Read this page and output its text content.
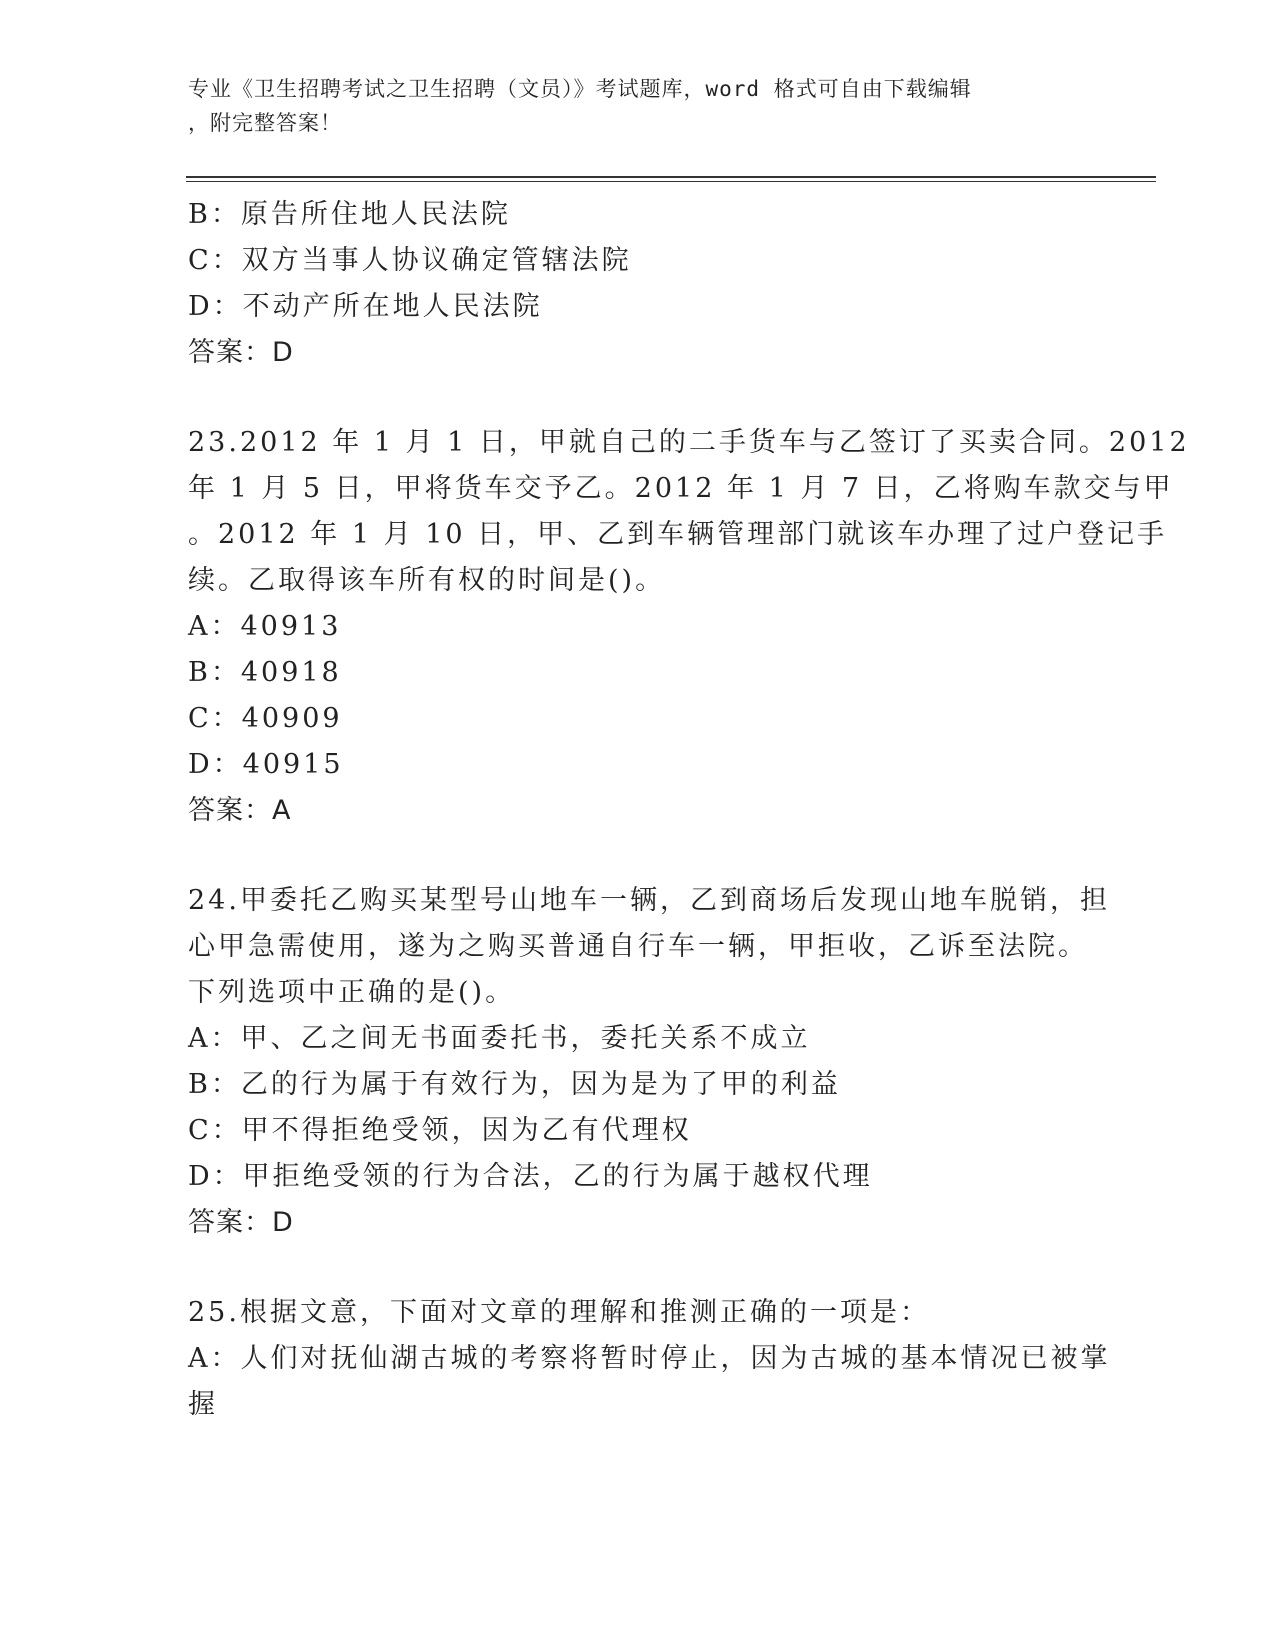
专业《卫生招聘考试之卫生招聘（文员）》考试题库，word 格式可自由下载编辑
，附完整答案！
B：原告所住地人民法院
C：双方当事人协议确定管辖法院
D：不动产所在地人民法院
答案：D
23.2012 年 1 月 1 日，甲就自己的二手货车与乙签订了买卖合同。2012
年 1 月 5 日，甲将货车交予乙。2012 年 1 月 7 日，乙将购车款交与甲
。2012 年 1 月 10 日，甲、乙到车辆管理部门就该车办理了过户登记手
续。乙取得该车所有权的时间是()。
A：40913
B：40918
C：40909
D：40915
答案：A
24.甲委托乙购买某型号山地车一辆，乙到商场后发现山地车脱销，担
心甲急需使用，遂为之购买普通自行车一辆，甲拒收，乙诉至法院。
下列选项中正确的是()。
A：甲、乙之间无书面委托书，委托关系不成立
B：乙的行为属于有效行为，因为是为了甲的利益
C：甲不得拒绝受领，因为乙有代理权
D：甲拒绝受领的行为合法，乙的行为属于越权代理
答案：D
25.根据文意，下面对文章的理解和推测正确的一项是：
A：人们对抚仙湖古城的考察将暂时停止，因为古城的基本情况已被掌
握
